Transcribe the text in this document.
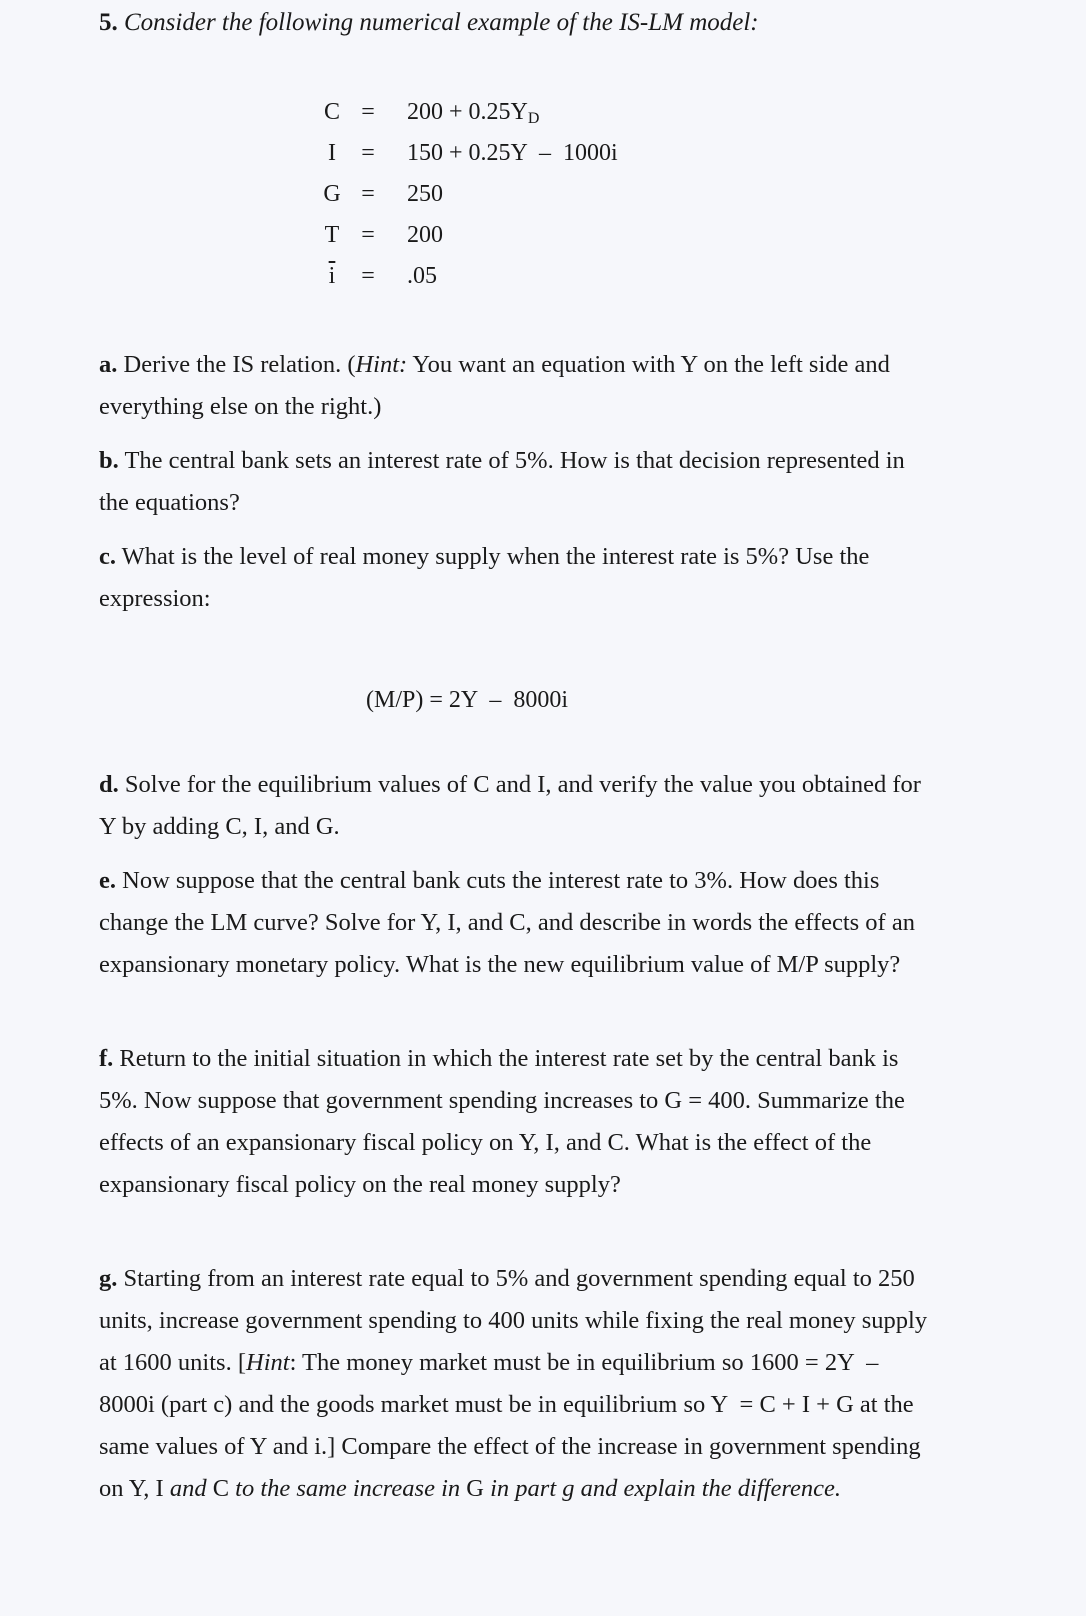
5. Consider the following numerical example of the IS-LM model:
$C = 200 + 0.25Y_D$
I	= 150 + 0.25Y  –  1000i
G = 250
T = 200
$\overline{i}$	= .05
a. Derive the IS relation. (Hint: You want an equation with Y on the left side and everything else on the right.)
b. The central bank sets an interest rate of 5%. How is that decision represented in the equations?
c. What is the level of real money supply when the interest rate is 5%? Use the expression:
(M/P) = 2Y  –  8000i
d. Solve for the equilibrium values of C and I, and verify the value you obtained for Y by adding C, I, and G.
e. Now suppose that the central bank cuts the interest rate to 3%. How does this change the LM curve? Solve for Y, I, and C, and describe in words the effects of an expansionary monetary policy. What is the new equilibrium value of M/P supply?
f. Return to the initial situation in which the interest rate set by the central bank is 5%. Now suppose that government spending increases to G = 400. Summarize the effects of an expansionary fiscal policy on Y, I, and C. What is the effect of the expansionary fiscal policy on the real money supply?
g. Starting from an interest rate equal to 5% and government spending equal to 250 units, increase government spending to 400 units while fixing the real money supply at 1600 units. [Hint: The money market must be in equilibrium so 1600 = 2Y  –  8000i (part c) and the goods market must be in equilibrium so Y  = C + I + G at the same values of Y and i.] Compare the effect of the increase in government spending on Y, I and C to the same increase in G in part g and explain the difference.
